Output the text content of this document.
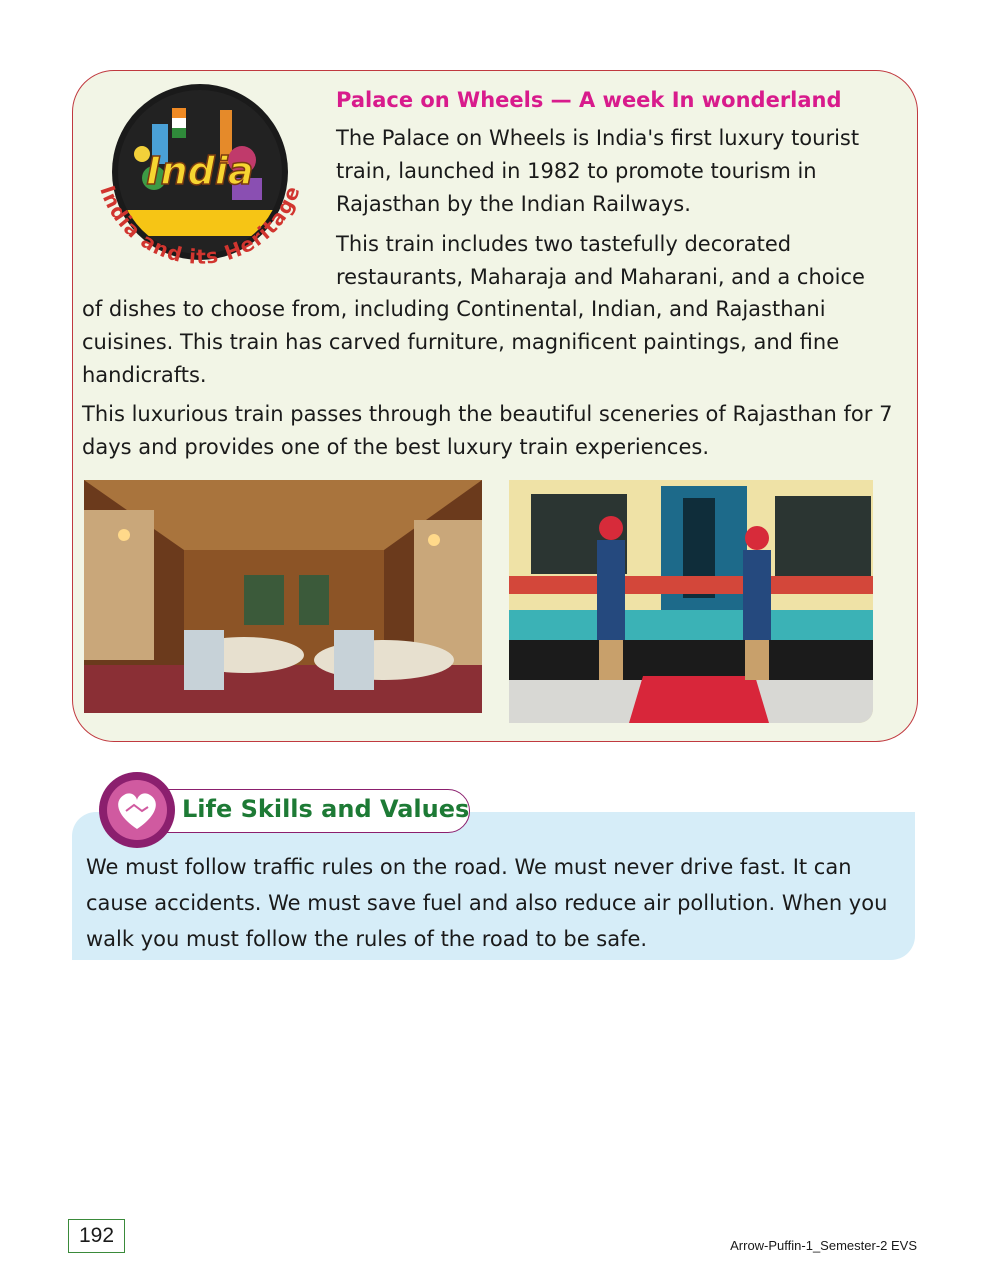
India
India and its Heritage
Palace on Wheels — A week In wonderland

The Palace on Wheels is India's first luxury tourist train, launched in 1982 to promote tourism in Rajasthan by the Indian Railways.

This train includes two tastefully decorated restaurants, Maharaja and Maharani, and a choice

of dishes to choose from, including Continental, Indian, and Rajasthani cuisines. This train has carved furniture, magnificent paintings, and fine handicrafts.

This luxurious train passes through the beautiful sceneries of Rajasthan for 7 days and provides one of the best luxury train experiences.

Life Skills and Values

We must follow traffic rules on the road. We must never drive fast. It can cause accidents. We must save fuel and also reduce air pollution. When you walk you must follow the rules of the road to be safe.

192	Arrow-Puffin-1_Semester-2 EVS
